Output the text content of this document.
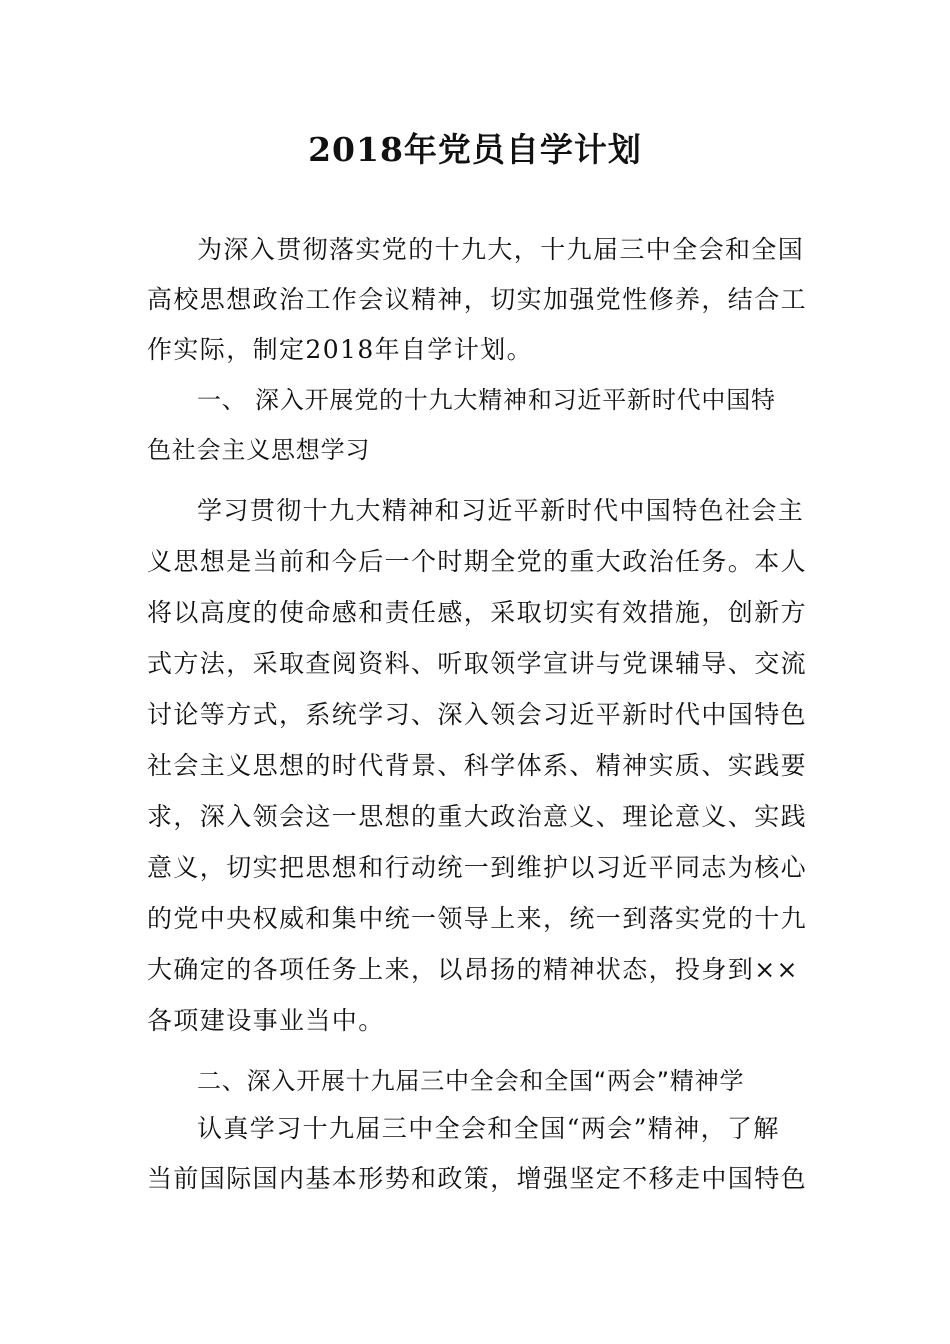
2018年党员自学计划
为深入贯彻落实党的十九大，十九届三中全会和全国
高校思想政治工作会议精神，切实加强党性修养，结合工
作实际，制定2018年自学计划。
一、 深入开展党的十九大精神和习近平新时代中国特
色社会主义思想学习
学习贯彻十九大精神和习近平新时代中国特色社会主
义思想是当前和今后一个时期全党的重大政治任务。本人
将以高度的使命感和责任感，采取切实有效措施，创新方
式方法，采取查阅资料、听取领学宣讲与党课辅导、交流
讨论等方式，系统学习、深入领会习近平新时代中国特色
社会主义思想的时代背景、科学体系、精神实质、实践要
求，深入领会这一思想的重大政治意义、理论意义、实践
意义，切实把思想和行动统一到维护以习近平同志为核心
的党中央权威和集中统一领导上来，统一到落实党的十九
大确定的各项任务上来，以昂扬的精神状态，投身到××
各项建设事业当中。
二、深入开展十九届三中全会和全国“两会”精神学
认真学习十九届三中全会和全国“两会”精神，了解
当前国际国内基本形势和政策，增强坚定不移走中国特色
